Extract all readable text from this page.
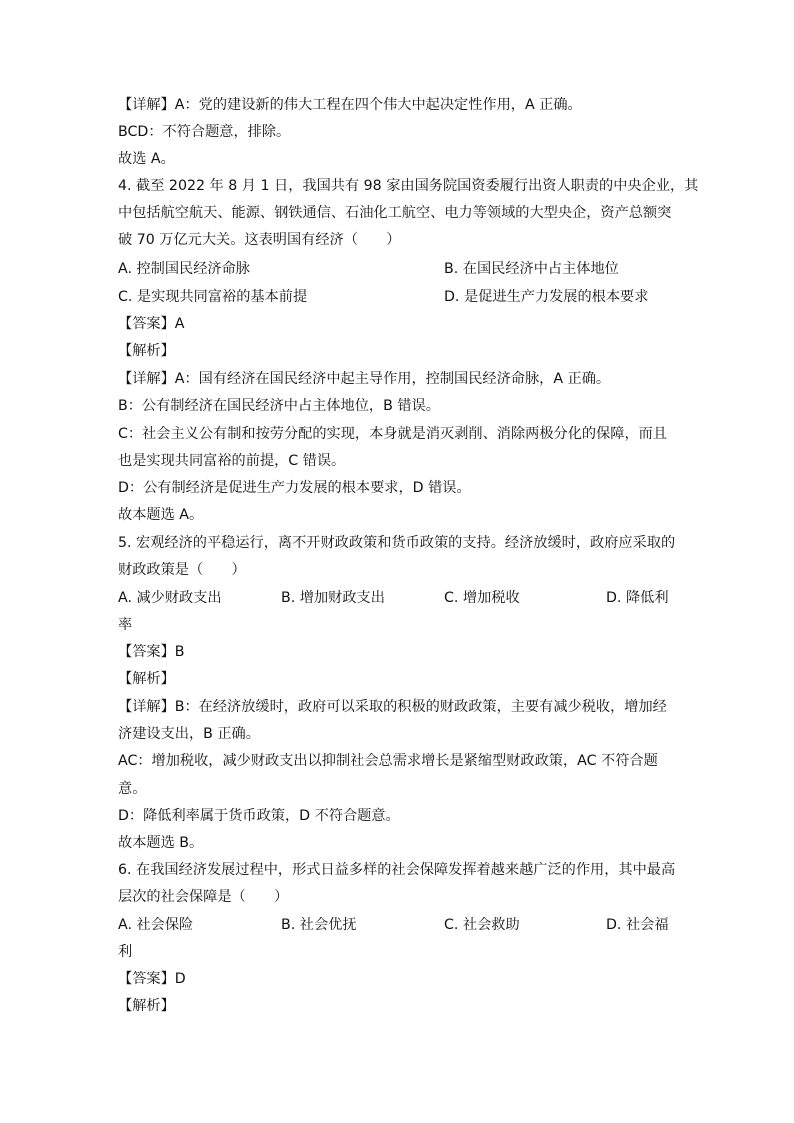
【详解】A：党的建设新的伟大工程在四个伟大中起决定性作用，A 正确。
BCD：不符合题意，排除。
故选 A。
4. 截至 2022 年 8 月 1 日，我国共有 98 家由国务院国资委履行出资人职责的中央企业，其
中包括航空航天、能源、钢铁通信、石油化工航空、电力等领域的大型央企，资产总额突
破 70 万亿元大关。这表明国有经济（　　）
A. 控制国民经济命脉	B. 在国民经济中占主体地位
C. 是实现共同富裕的基本前提	D. 是促进生产力发展的根本要求
【答案】A
【解析】
【详解】A：国有经济在国民经济中起主导作用，控制国民经济命脉，A 正确。
B：公有制经济在国民经济中占主体地位，B 错误。
C：社会主义公有制和按劳分配的实现，本身就是消灭剥削、消除两极分化的保障，而且
也是实现共同富裕的前提，C 错误。
D：公有制经济是促进生产力发展的根本要求，D 错误。
故本题选 A。
5. 宏观经济的平稳运行，离不开财政政策和货币政策的支持。经济放缓时，政府应采取的
财政政策是（　　）
A. 减少财政支出	B. 增加财政支出	C. 增加税收	D. 降低利
率
【答案】B
【解析】
【详解】B：在经济放缓时，政府可以采取的积极的财政政策，主要有减少税收，增加经
济建设支出，B 正确。
AC：增加税收，减少财政支出以抑制社会总需求增长是紧缩型财政政策，AC 不符合题
意。
D：降低利率属于货币政策，D 不符合题意。
故本题选 B。
6. 在我国经济发展过程中，形式日益多样的社会保障发挥着越来越广泛的作用，其中最高
层次的社会保障是（　　）
A. 社会保险	B. 社会优抚	C. 社会救助	D. 社会福
利
【答案】D
【解析】
